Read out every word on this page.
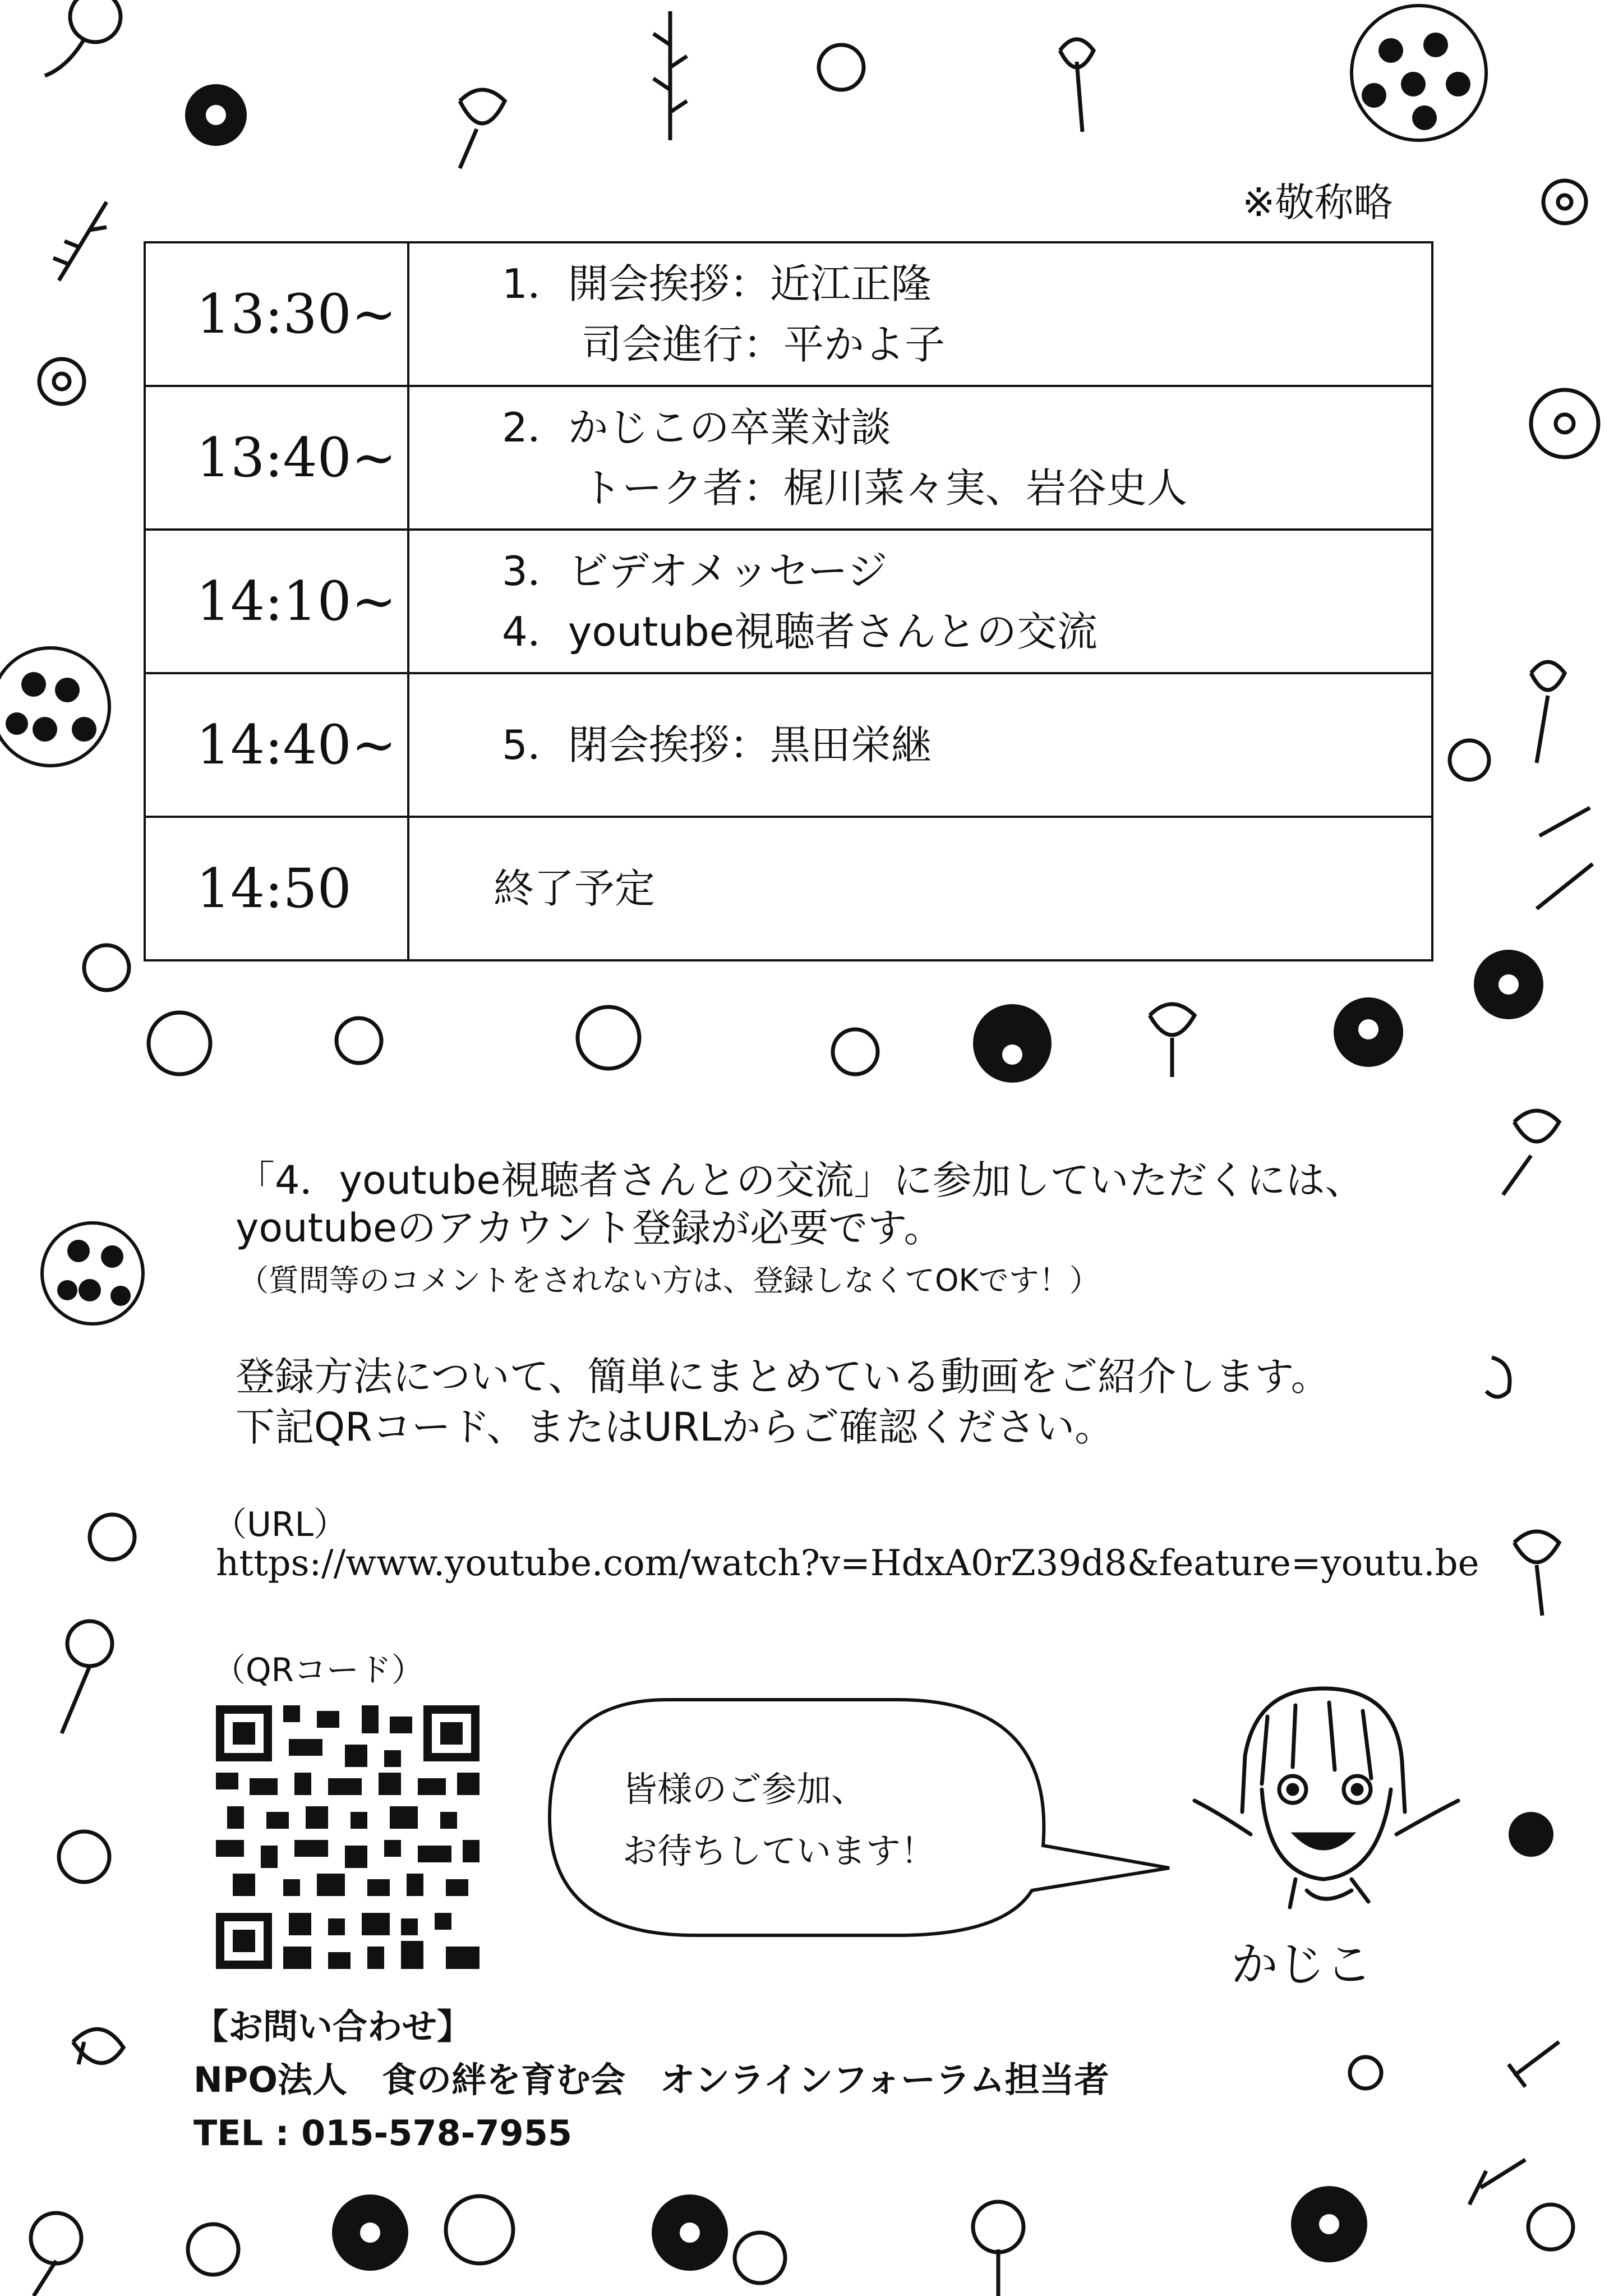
※敬称略
13:30~	1．開会挨拶：近江正隆
司会進行：平かよ子

13:40~	2．かじこの卒業対談
トーク者：梶川菜々実、岩谷史人

14:10~	3．ビデオメッセージ
4．youtube視聴者さんとの交流

14:40~	5．閉会挨拶：黒田栄継

14:50	終了予定
「4．youtube視聴者さんとの交流」に参加していただくには、
youtubeのアカウント登録が必要です。
（質問等のコメントをされない方は、登録しなくてOKです！）
登録方法について、簡単にまとめている動画をご紹介します。
下記QRコード、またはURLからご確認ください。
（URL）
https://www.youtube.com/watch?v=HdxA0rZ39d8&feature=youtu.be
（QRコード）
皆様のご参加、
お待ちしています！
かじこ
【お問い合わせ】
NPO法人　食の絆を育む会　オンラインフォーラム担当者
TEL : 015-578-7955
